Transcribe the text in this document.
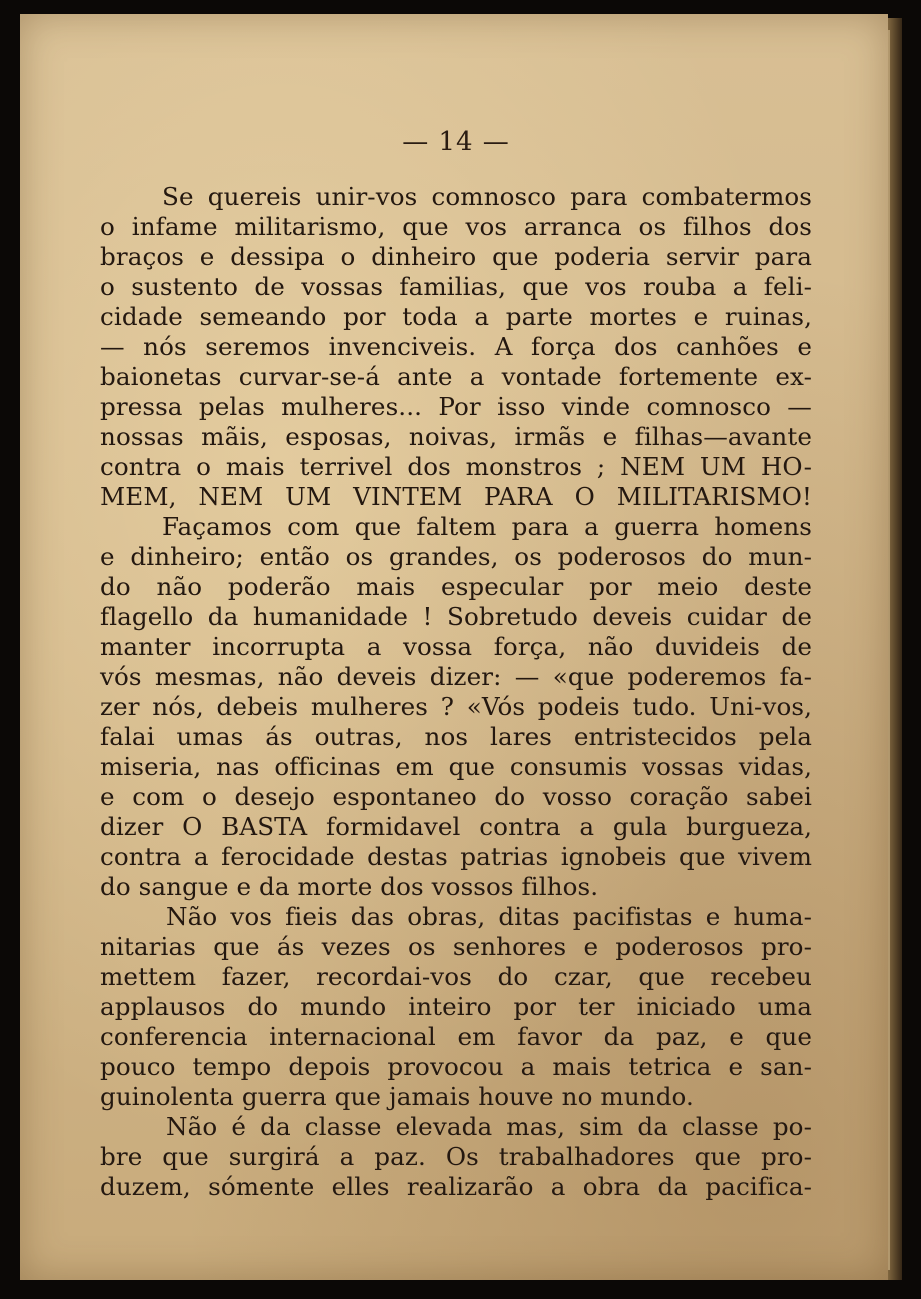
— 14 —
Se quereis unir-vos comnosco para combatermos
o infame militarismo, que vos arranca os filhos dos
braços e dessipa o dinheiro que poderia servir para
o sustento de vossas familias, que vos rouba a feli-
cidade semeando por toda a parte mortes e ruinas,
— nós seremos invenciveis. A força dos canhões e
baionetas curvar-se-á ante a vontade fortemente ex-
pressa pelas mulheres... Por isso vinde comnosco —
nossas mãis, esposas, noivas, irmãs e filhas—avante
contra o mais terrivel dos monstros ; NEM UM HO-
MEM, NEM UM VINTEM PARA O MILITARISMO!
Façamos com que faltem para a guerra homens
e dinheiro; então os grandes, os poderosos do mun-
do não poderão mais especular por meio deste
flagello da humanidade ! Sobretudo deveis cuidar de
manter incorrupta a vossa força, não duvideis de
vós mesmas, não deveis dizer: — «que poderemos fa-
zer nós, debeis mulheres ? «Vós podeis tudo. Uni-vos,
falai umas ás outras, nos lares entristecidos pela
miseria, nas officinas em que consumis vossas vidas,
e com o desejo espontaneo do vosso coração sabei
dizer O BASTA formidavel contra a gula burgueza,
contra a ferocidade destas patrias ignobeis que vivem
do sangue e da morte dos vossos filhos.
Não vos fieis das obras, ditas pacifistas e huma-
nitarias que ás vezes os senhores e poderosos pro-
mettem fazer, recordai-vos do czar, que recebeu
applausos do mundo inteiro por ter iniciado uma
conferencia internacional em favor da paz, e que
pouco tempo depois provocou a mais tetrica e san-
guinolenta guerra que jamais houve no mundo.
Não é da classe elevada mas, sim da classe po-
bre que surgirá a paz. Os trabalhadores que pro-
duzem, sómente elles realizarão a obra da pacifica-
